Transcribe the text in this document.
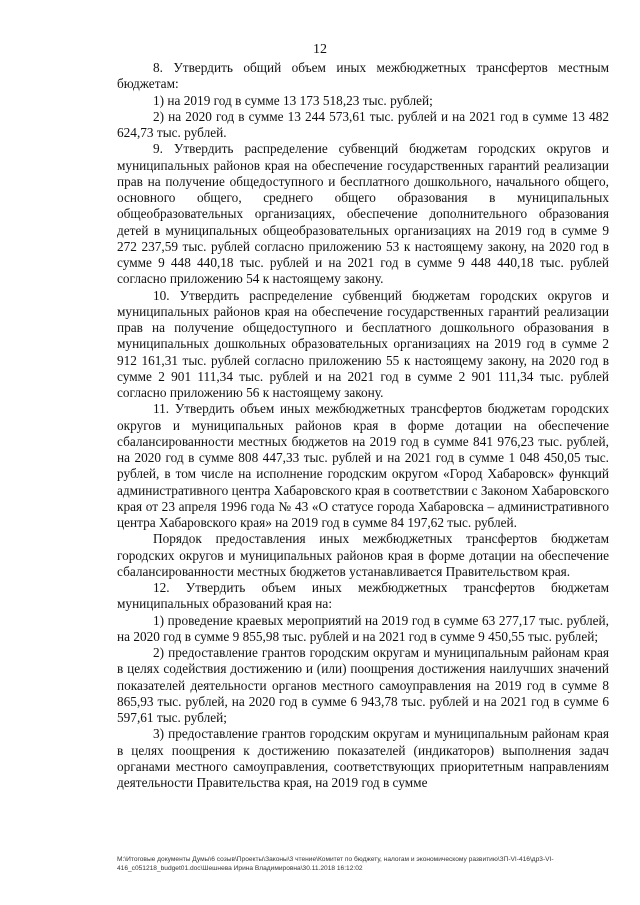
12

8. Утвердить общий объем иных межбюджетных трансфертов местным бюджетам:

1) на 2019 год в сумме 13 173 518,23 тыс. рублей;

2) на 2020 год в сумме 13 244 573,61 тыс. рублей и на 2021 год в сумме 13 482 624,73 тыс. рублей.

9. Утвердить распределение субвенций бюджетам городских округов и муниципальных районов края на обеспечение государственных гарантий реализации прав на получение общедоступного и бесплатного дошкольного, начального общего, основного общего, среднего общего образования в муниципальных общеобразовательных организациях, обеспечение дополнительного образования детей в муниципальных общеобразовательных организациях на 2019 год в сумме 9 272 237,59 тыс. рублей согласно приложению 53 к настоящему закону, на 2020 год в сумме 9 448 440,18 тыс. рублей и на 2021 год в сумме 9 448 440,18 тыс. рублей согласно приложению 54 к настоящему закону.

10. Утвердить распределение субвенций бюджетам городских округов и муниципальных районов края на обеспечение государственных гарантий реализации прав на получение общедоступного и бесплатного дошкольного образования в муниципальных дошкольных образовательных организациях на 2019 год в сумме 2 912 161,31 тыс. рублей согласно приложению 55 к настоящему закону, на 2020 год в сумме 2 901 111,34 тыс. рублей и на 2021 год в сумме 2 901 111,34 тыс. рублей согласно приложению 56 к настоящему закону.

11. Утвердить объем иных межбюджетных трансфертов бюджетам городских округов и муниципальных районов края в форме дотации на обеспечение сбалансированности местных бюджетов на 2019 год в сумме 841 976,23 тыс. рублей, на 2020 год в сумме 808 447,33 тыс. рублей и на 2021 год в сумме 1 048 450,05 тыс. рублей, в том числе на исполнение городским округом «Город Хабаровск» функций административного центра Хабаровского края в соответствии с Законом Хабаровского края от 23 апреля 1996 года № 43 «О статусе города Хабаровска – административного центра Хабаровского края» на 2019 год в сумме 84 197,62 тыс. рублей.

Порядок предоставления иных межбюджетных трансфертов бюджетам городских округов и муниципальных районов края в форме дотации на обеспечение сбалансированности местных бюджетов устанавливается Правительством края.

12. Утвердить объем иных межбюджетных трансфертов бюджетам муниципальных образований края на:

1) проведение краевых мероприятий на 2019 год в сумме 63 277,17 тыс. рублей, на 2020 год в сумме 9 855,98 тыс. рублей и на 2021 год в сумме 9 450,55 тыс. рублей;

2) предоставление грантов городским округам и муниципальным районам края в целях содействия достижению и (или) поощрения достижения наилучших значений показателей деятельности органов местного самоуправления на 2019 год в сумме 8 865,93 тыс. рублей, на 2020 год в сумме 6 943,78 тыс. рублей и на 2021 год в сумме 6 597,61 тыс. рублей;

3) предоставление грантов городским округам и муниципальным районам края в целях поощрения к достижению показателей (индикаторов) выполнения задач органами местного самоуправления, соответствующих приоритетным направлениям деятельности Правительства края, на 2019 год в сумме

M:\Итоговые документы Думы\6 созыв\Проекты\Законы\3 чтение\Комитет по бюджету, налогам и экономическому развитию\ЗП-VI-416\др3-VI-
416_c051218_budget01.doc\Шешнева Ирина Владимировна\30.11.2018 16:12:02
